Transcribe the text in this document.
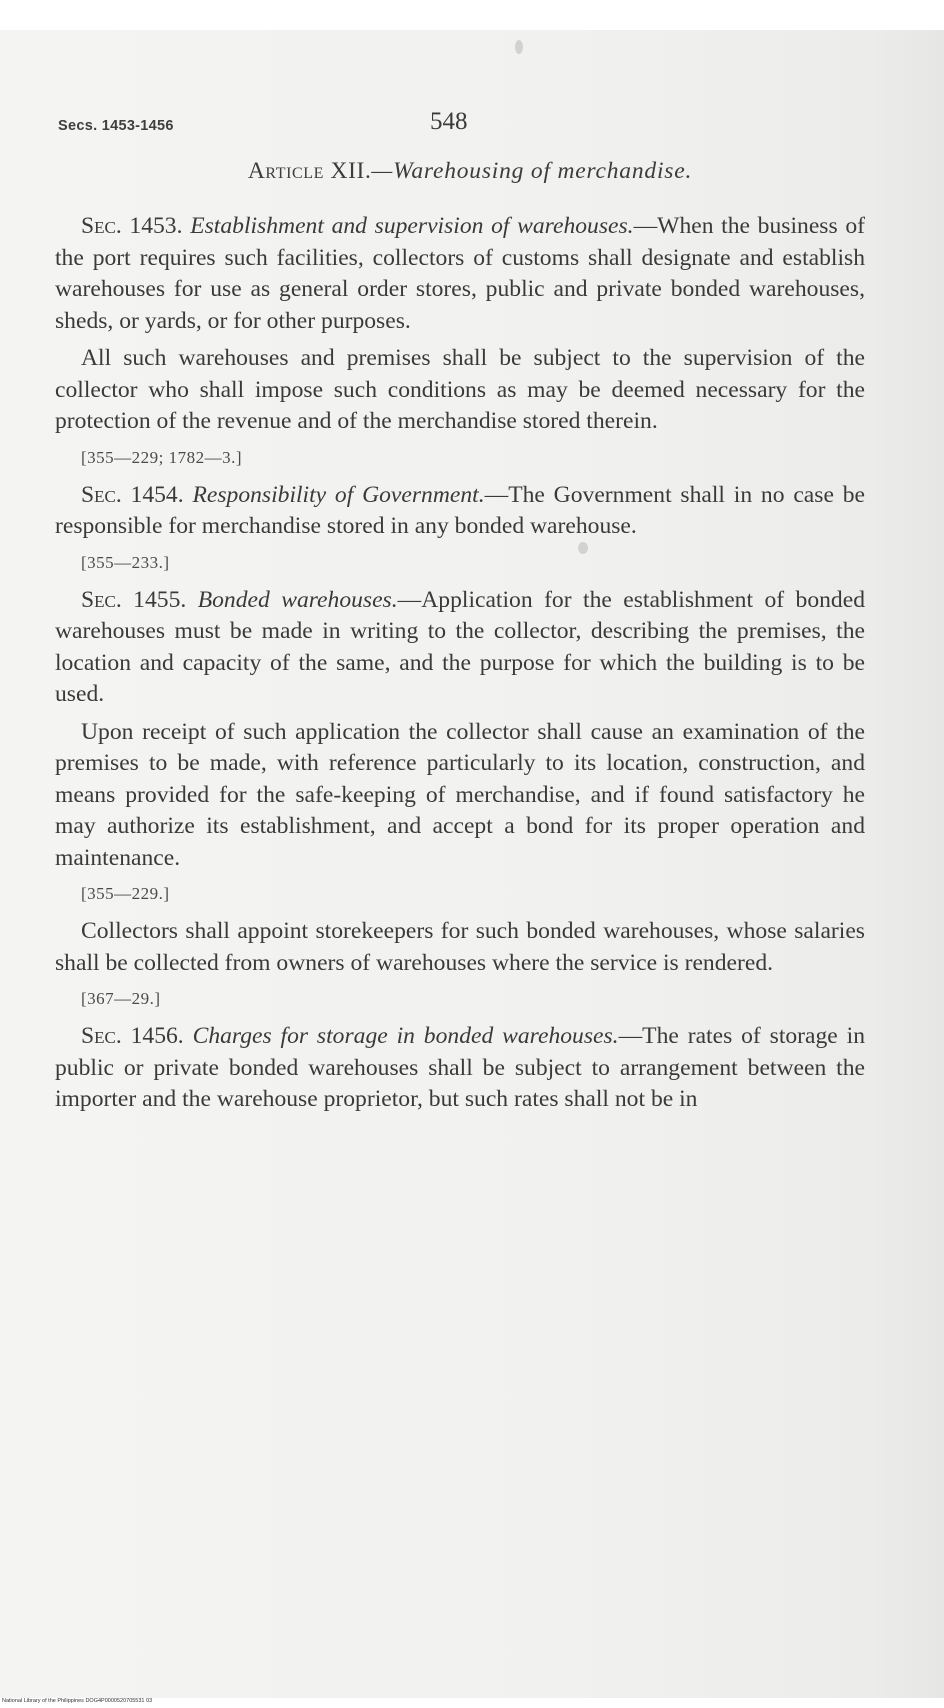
Secs. 1453-1456	548
Article XII.—Warehousing of merchandise.

Sec. 1453. Establishment and supervision of warehouses.—When the business of the port requires such facilities, collectors of customs shall designate and establish warehouses for use as general order stores, public and private bonded warehouses, sheds, or yards, or for other purposes.

All such warehouses and premises shall be subject to the supervision of the collector who shall impose such conditions as may be deemed necessary for the protection of the revenue and of the merchandise stored therein.

[355—229; 1782—3.]

Sec. 1454. Responsibility of Government.—The Government shall in no case be responsible for merchandise stored in any bonded warehouse.

[355—233.]

Sec. 1455. Bonded warehouses.—Application for the establishment of bonded warehouses must be made in writing to the collector, describing the premises, the location and capacity of the same, and the purpose for which the building is to be used.

Upon receipt of such application the collector shall cause an examination of the premises to be made, with reference particularly to its location, construction, and means provided for the safe-keeping of merchandise, and if found satisfactory he may authorize its establishment, and accept a bond for its proper operation and maintenance.

[355—229.]

Collectors shall appoint storekeepers for such bonded warehouses, whose salaries shall be collected from owners of warehouses where the service is rendered.

[367—29.]

Sec. 1456. Charges for storage in bonded warehouses.—The rates of storage in public or private bonded warehouses shall be subject to arrangement between the importer and the warehouse proprietor, but such rates shall not be in

National Library of the Philippines DOG4P0000520705531 03
